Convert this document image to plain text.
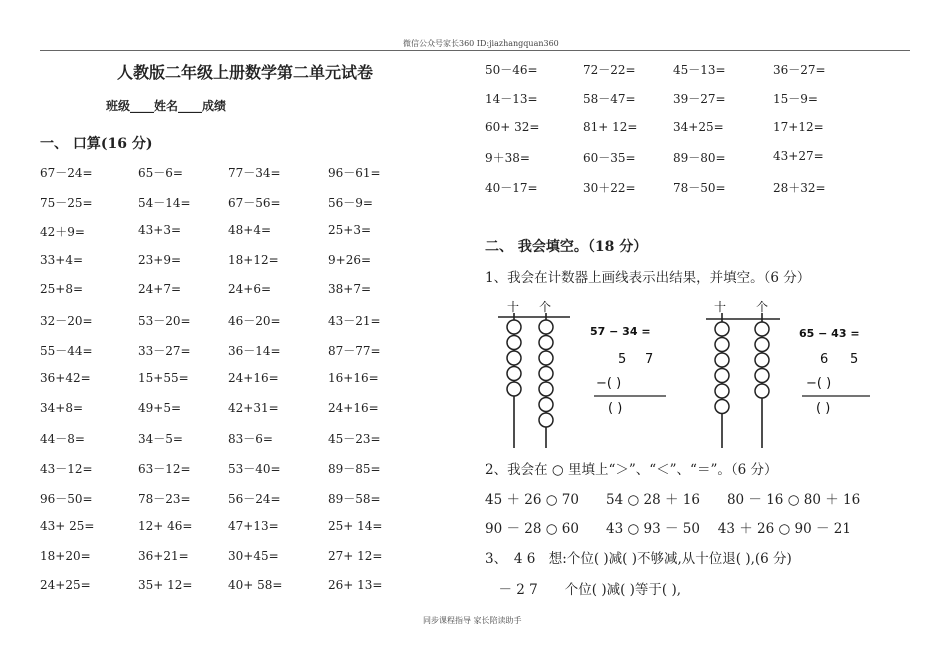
微信公众号家长360 ID:jiazhangquan360
人教版二年级上册数学第二单元试卷
班级____姓名____成绩
一、 口算(16 分)
67－24=	65－6=	77－34=	96－61=
75－25=	54－14=	67－56=	56－9=
42＋9=	43+3=	48+4=	25+3=
33+4=	23+9=	18+12=	9+26=
25+8=	24+7=	24+6=	38+7=
32－20=	53－20=	46－20=	43－21=
55－44=	33－27=	36－14=	87－77=
36+42=	15+55=	24+16=	16+16=
34+8=	49+5=	42+31=	24+16=
44－8=	34－5=	83－6=	45－23=
43－12=	63－12=	53－40=	89－85=
96－50=	78－23=	56－24=	89－58=
43+ 25=	12+ 46=	47+13=	25+ 14=
18+20=	36+21=	30+45=	27+ 12=
24+25=	35+ 12=	40+ 58=	26+ 13=
50－46=	72－22=	45－13=	36－27=
14－13=	58－47=	39－27=	15－9=
60+ 32=	81+ 12=	34+25=	17+12=
9＋38=	60－35=	89－80=	43+27=
40－17=	30＋22=	78－50=	28＋32=
二、 我会填空。（18 分）
1、我会在计数器上画线表示出结果，并填空。（6 分）
十 个
57 − 34 =
5 7
−( )
( )
十 个
65 − 43 =
6 5
−( )
( )
2、我会在 ○ 里填上“＞”、“＜”、“＝”。（6 分）
45 ＋ 26 ○ 70　　54 ○ 28 ＋ 16　　80 － 16 ○ 80 ＋ 16
90 － 28 ○ 60　　43 ○ 93 － 50　 43 ＋ 26 ○ 90 － 21
3、　4 6　想:个位( )减( )不够减,从十位退( ),(6 分)
　－ 2 7　　个位( )减( )等于( ),
同步课程指导 家长陪读助手
